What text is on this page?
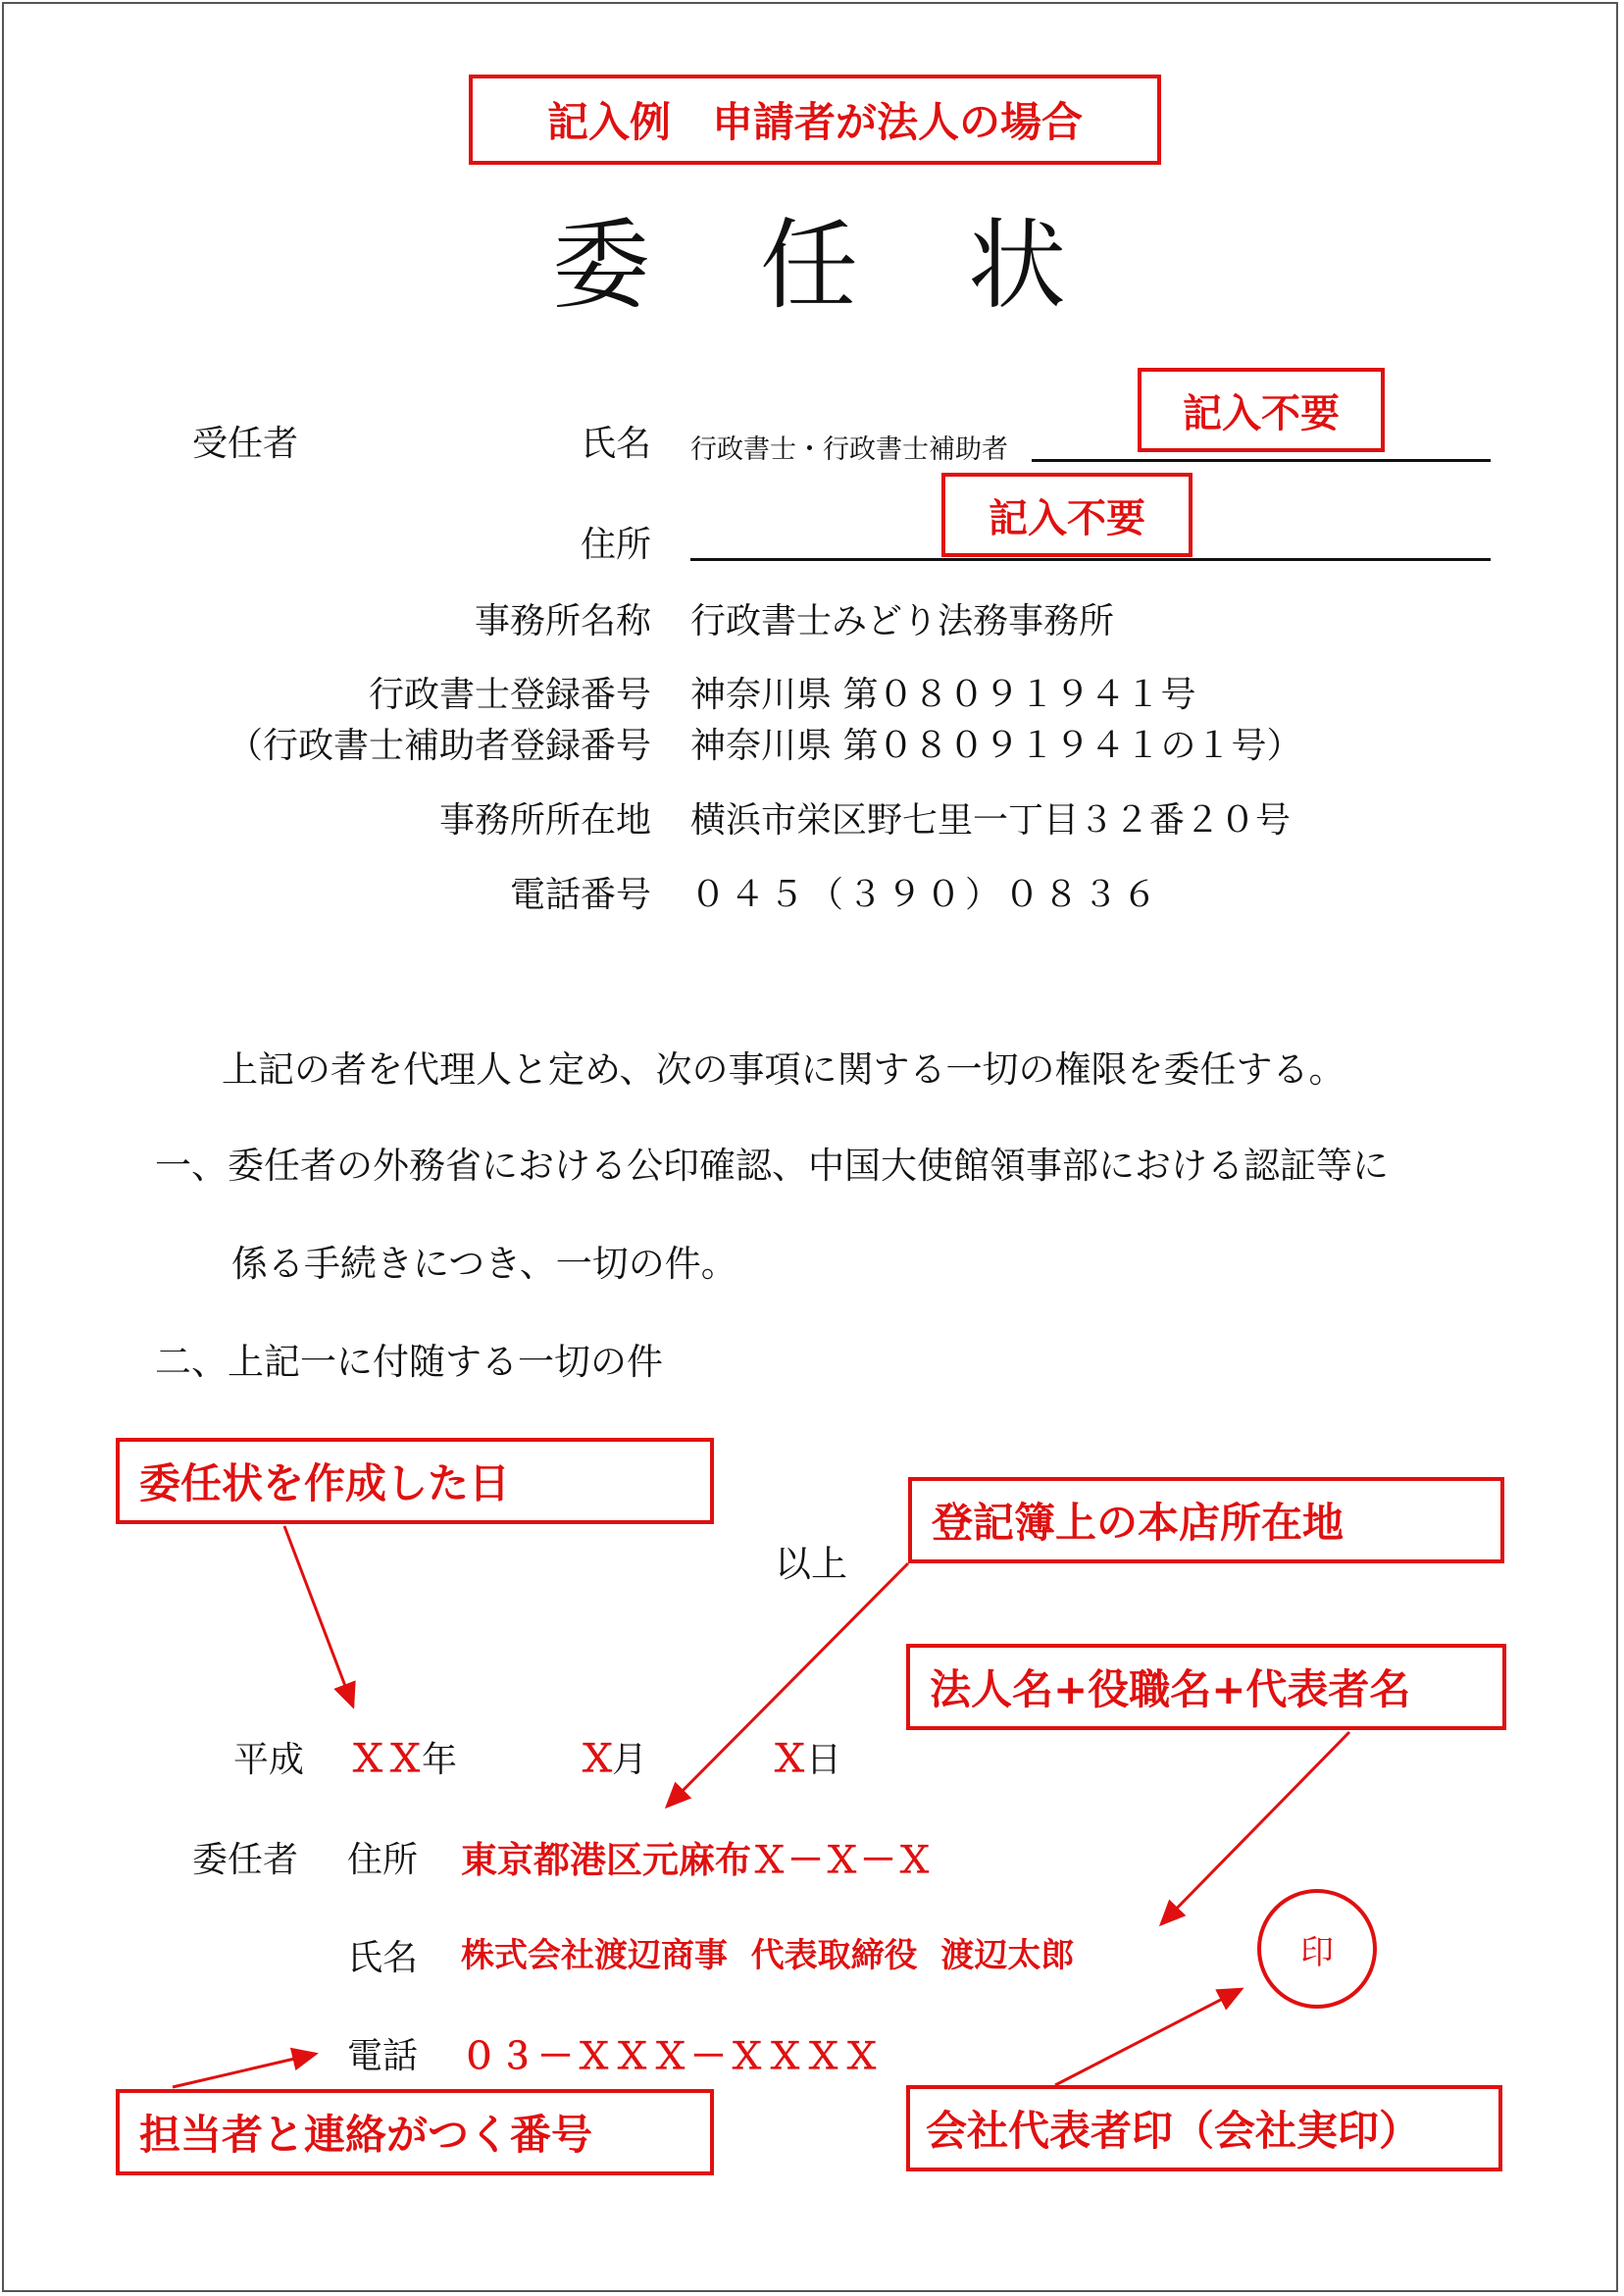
記入例　申請者が法人の場合
委　任　状
受任者	氏名 行政書士・行政書士補助者
記入不要
住所
記入不要
事務所名称 行政書士みどり法務事務所
行政書士登録番号 神奈川県 第０８０９１９４１号
（行政書士補助者登録番号 神奈川県 第０８０９１９４１の１号）
事務所所在地 横浜市栄区野七里一丁目３２番２０号
電話番号 ０４５（３９０）０８３６
上記の者を代理人と定め、次の事項に関する一切の権限を委任する。
一、委任者の外務省における公印確認、中国大使館領事部における認証等に
係る手続きにつき、一切の件。
二、上記一に付随する一切の件
以上
委任状を作成した日
登記簿上の本店所在地
法人名+役職名+代表者名
担当者と連絡がつく番号	会社代表者印（会社実印）
平成 ＸＸ
年	Ｘ
月	Ｘ
日
委任者 住所 東京都港区元麻布Ｘ－Ｘ－Ｘ
氏名 株式会社渡辺商事  代表取締役  渡辺太郎	印
電話 ０３－ＸＸＸ－ＸＸＸＸ
